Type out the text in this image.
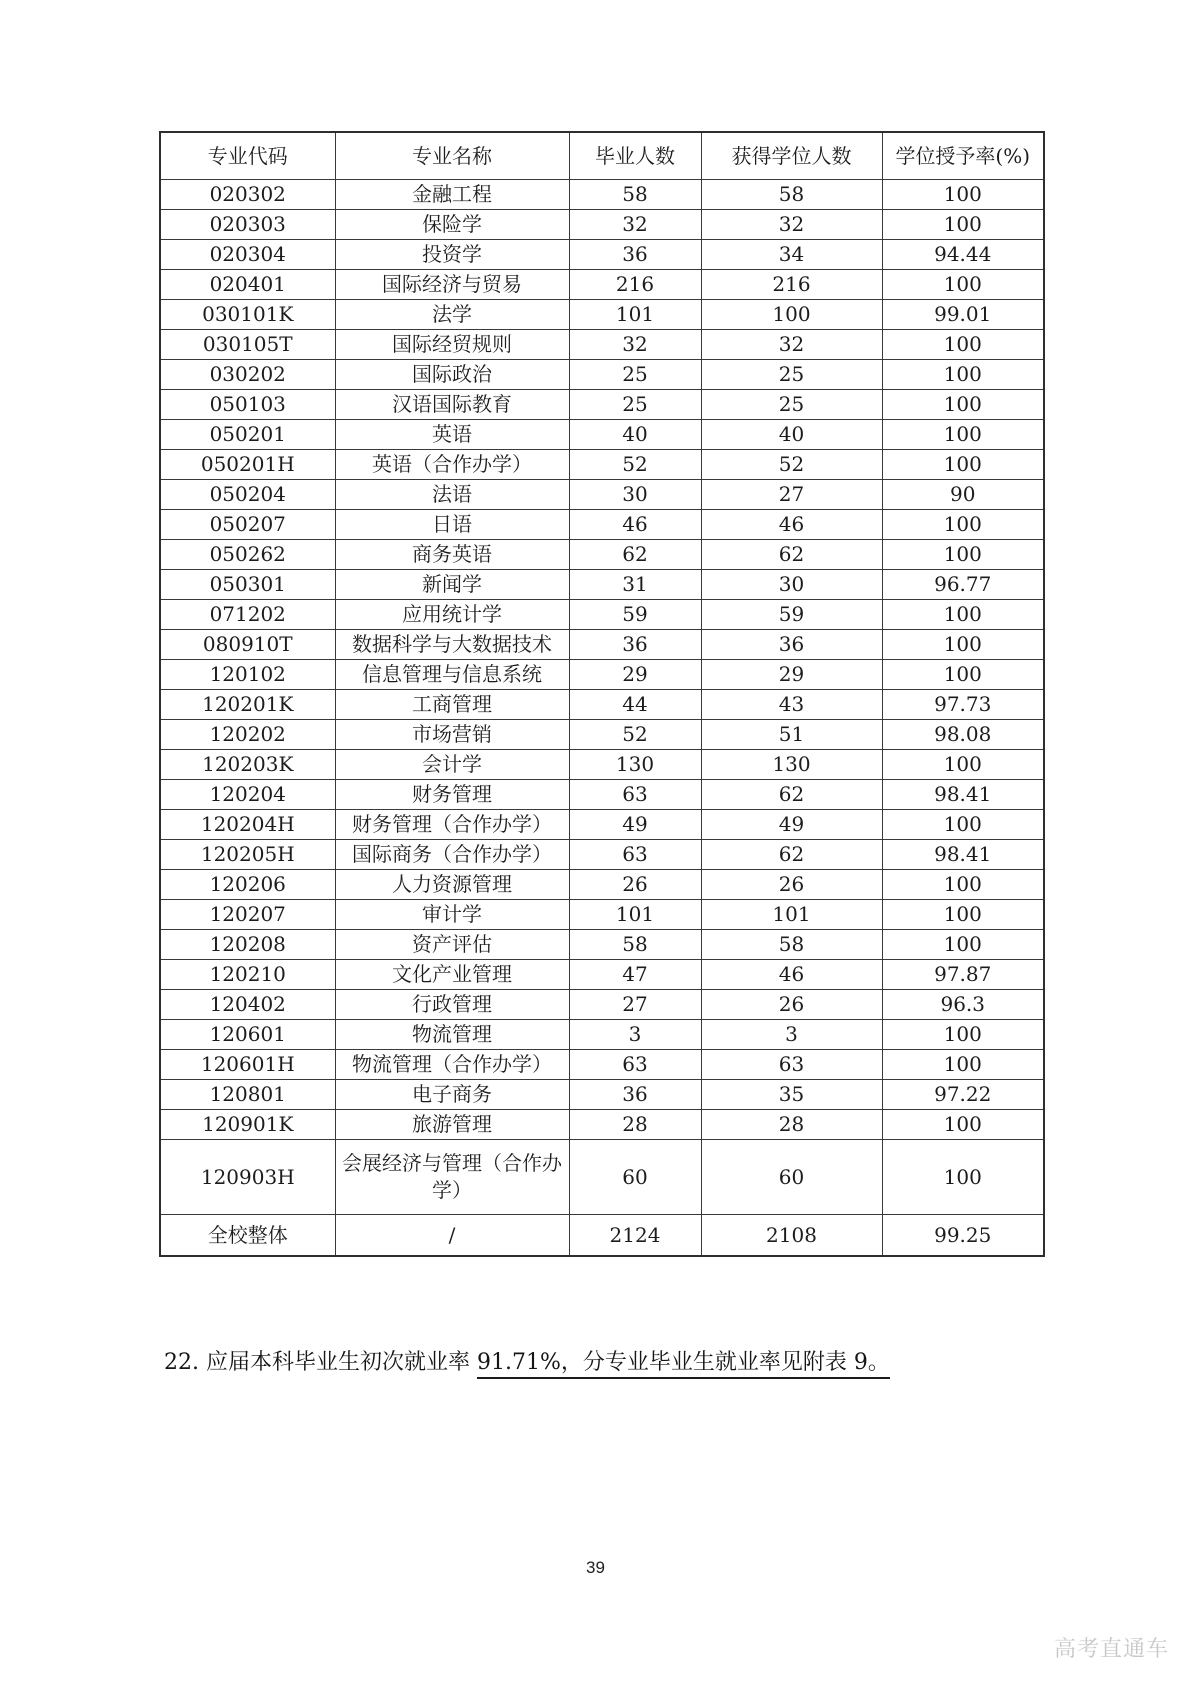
专业代码	专业名称	毕业人数	获得学位人数	学位授予率(%)
020302	金融工程	58	58	100
020303	保险学	32	32	100
020304	投资学	36	34	94.44
020401	国际经济与贸易	216	216	100
030101K	法学	101	100	99.01
030105T	国际经贸规则	32	32	100
030202	国际政治	25	25	100
050103	汉语国际教育	25	25	100
050201	英语	40	40	100
050201H	英语（合作办学）	52	52	100
050204	法语	30	27	90
050207	日语	46	46	100
050262	商务英语	62	62	100
050301	新闻学	31	30	96.77
071202	应用统计学	59	59	100
080910T	数据科学与大数据技术	36	36	100
120102	信息管理与信息系统	29	29	100
120201K	工商管理	44	43	97.73
120202	市场营销	52	51	98.08
120203K	会计学	130	130	100
120204	财务管理	63	62	98.41
120204H	财务管理（合作办学）	49	49	100
120205H	国际商务（合作办学）	63	62	98.41
120206	人力资源管理	26	26	100
120207	审计学	101	101	100
120208	资产评估	58	58	100
120210	文化产业管理	47	46	97.87
120402	行政管理	27	26	96.3
120601	物流管理	3	3	100
120601H	物流管理（合作办学）	63	63	100
120801	电子商务	36	35	97.22
120901K	旅游管理	28	28	100
120903H	会展经济与管理（合作办学）	60	60	100
全校整体	/	2124	2108	99.25
22. 应届本科毕业生初次就业率 91.71%，分专业毕业生就业率见附表 9。
39
高考直通车
